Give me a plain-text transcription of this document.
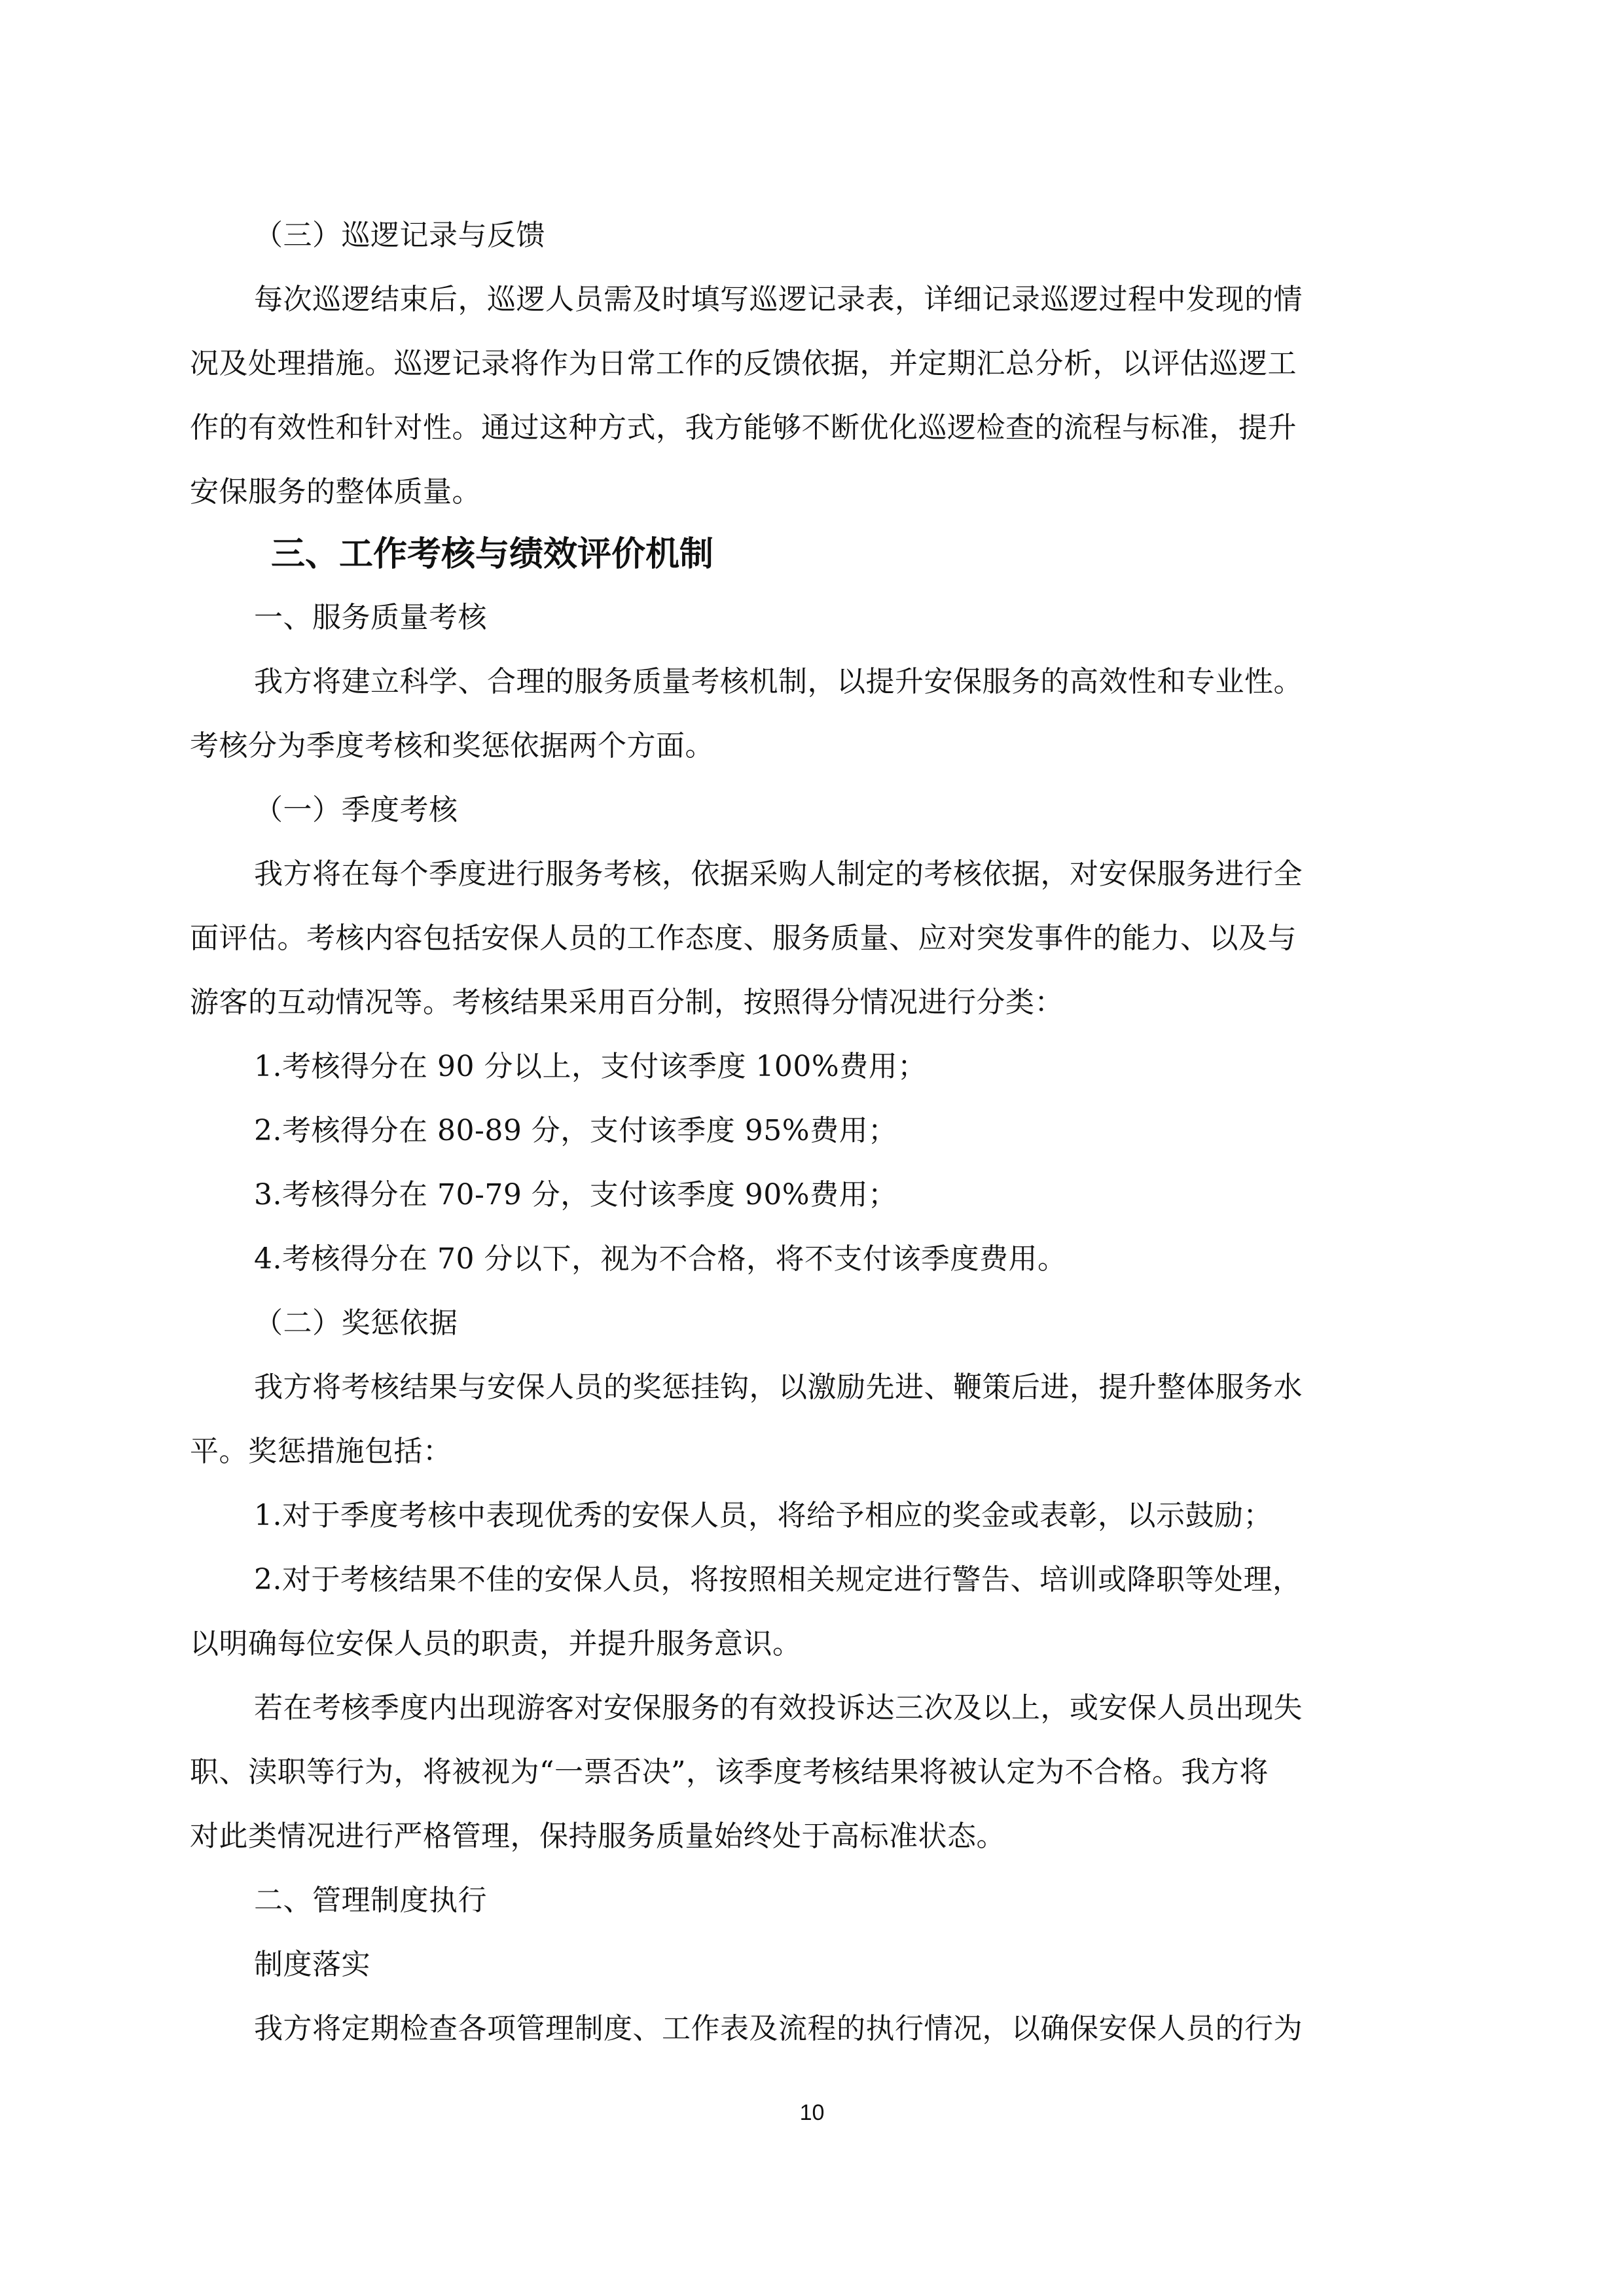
（三）巡逻记录与反馈
每次巡逻结束后，巡逻人员需及时填写巡逻记录表，详细记录巡逻过程中发现的情
况及处理措施。巡逻记录将作为日常工作的反馈依据，并定期汇总分析，以评估巡逻工
作的有效性和针对性。通过这种方式，我方能够不断优化巡逻检查的流程与标准，提升
安保服务的整体质量。
三、工作考核与绩效评价机制
一、服务质量考核
我方将建立科学、合理的服务质量考核机制，以提升安保服务的高效性和专业性。
考核分为季度考核和奖惩依据两个方面。
（一）季度考核
我方将在每个季度进行服务考核，依据采购人制定的考核依据，对安保服务进行全
面评估。考核内容包括安保人员的工作态度、服务质量、应对突发事件的能力、以及与
游客的互动情况等。考核结果采用百分制，按照得分情况进行分类：
1.考核得分在 90 分以上，支付该季度 100%费用；
2.考核得分在 80-89 分，支付该季度 95%费用；
3.考核得分在 70-79 分，支付该季度 90%费用；
4.考核得分在 70 分以下，视为不合格，将不支付该季度费用。
（二）奖惩依据
我方将考核结果与安保人员的奖惩挂钩，以激励先进、鞭策后进，提升整体服务水
平。奖惩措施包括：
1.对于季度考核中表现优秀的安保人员，将给予相应的奖金或表彰，以示鼓励；
2.对于考核结果不佳的安保人员，将按照相关规定进行警告、培训或降职等处理，
以明确每位安保人员的职责，并提升服务意识。
若在考核季度内出现游客对安保服务的有效投诉达三次及以上，或安保人员出现失
职、渎职等行为，将被视为“一票否决”，该季度考核结果将被认定为不合格。我方将
对此类情况进行严格管理，保持服务质量始终处于高标准状态。
二、管理制度执行
制度落实
我方将定期检查各项管理制度、工作表及流程的执行情况，以确保安保人员的行为
10
